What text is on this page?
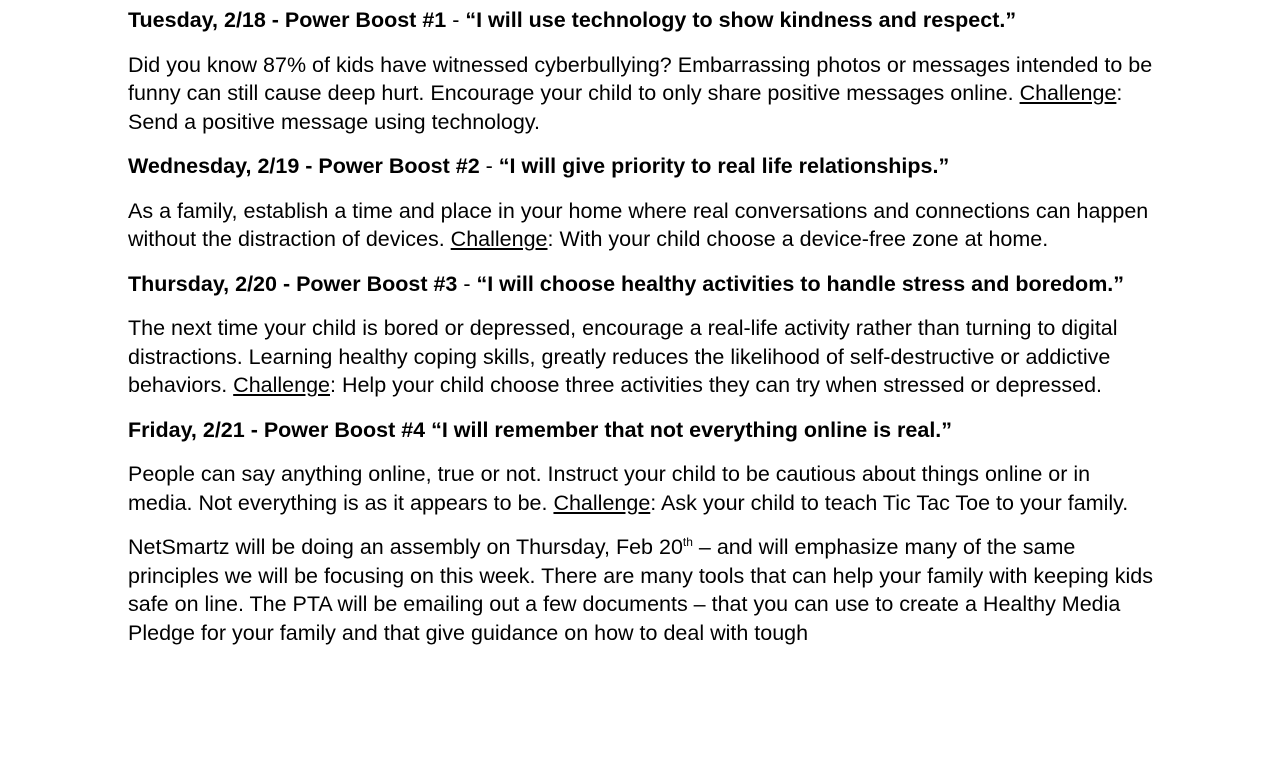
Tuesday, 2/18 - Power Boost #1 - “I will use technology to show kindness and respect.”

Did you know 87% of kids have witnessed cyberbullying? Embarrassing photos or messages intended to be funny can still cause deep hurt. Encourage your child to only share positive messages online. Challenge: Send a positive message using technology.

Wednesday, 2/19 - Power Boost #2 - “I will give priority to real life relationships.”

As a family, establish a time and place in your home where real conversations and connections can happen without the distraction of devices. Challenge: With your child choose a device-free zone at home.

Thursday, 2/20 - Power Boost #3 - “I will choose healthy activities to handle stress and boredom.”

The next time your child is bored or depressed, encourage a real-life activity rather than turning to digital distractions. Learning healthy coping skills, greatly reduces the likelihood of self-destructive or addictive behaviors. Challenge: Help your child choose three activities they can try when stressed or depressed.

Friday, 2/21 - Power Boost #4 “I will remember that not everything online is real.”

People can say anything online, true or not. Instruct your child to be cautious about things online or in media. Not everything is as it appears to be. Challenge: Ask your child to teach Tic Tac Toe to your family.

NetSmartz will be doing an assembly on Thursday, Feb 20th – and will emphasize many of the same principles we will be focusing on this week. There are many tools that can help your family with keeping kids safe on line. The PTA will be emailing out a few documents – that you can use to create a Healthy Media Pledge for your family and that give guidance on how to deal with tough
